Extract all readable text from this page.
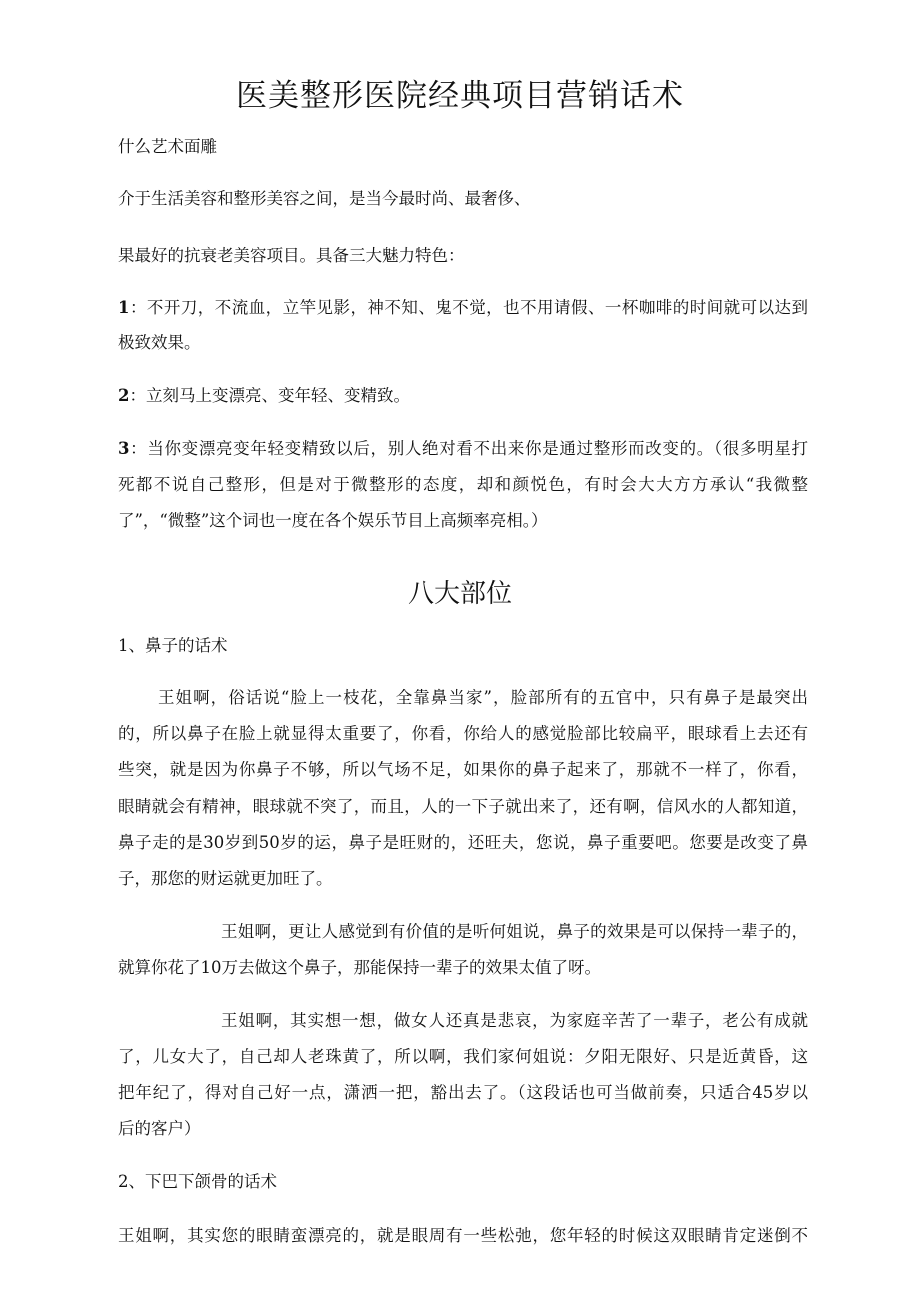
医美整形医院经典项目营销话术
什么艺术面雕
介于生活美容和整形美容之间，是当今最时尚、最奢侈、
果最好的抗衰老美容项目。具备三大魅力特色：
1：不开刀，不流血，立竿见影，神不知、鬼不觉，也不用请假、一杯咖啡的时间就可以达到
极致效果。
2：立刻马上变漂亮、变年轻、变精致。
3：当你变漂亮变年轻变精致以后，别人绝对看不出来你是通过整形而改变的。（很多明星打
死都不说自己整形，但是对于微整形的态度，却和颜悦色，有时会大大方方承认“我微整
了”，“微整”这个词也一度在各个娱乐节目上高频率亮相。）
八大部位
1、鼻子的话术
王姐啊，俗话说“脸上一枝花，全靠鼻当家”，脸部所有的五官中，只有鼻子是最突出
的，所以鼻子在脸上就显得太重要了，你看，你给人的感觉脸部比较扁平，眼球看上去还有
些突，就是因为你鼻子不够，所以气场不足，如果你的鼻子起来了，那就不一样了，你看，
眼睛就会有精神，眼球就不突了，而且，人的一下子就出来了，还有啊，信风水的人都知道，
鼻子走的是30岁到50岁的运，鼻子是旺财的，还旺夫，您说，鼻子重要吧。您要是改变了鼻
子，那您的财运就更加旺了。
王姐啊，更让人感觉到有价值的是听何姐说，鼻子的效果是可以保持一辈子的，
就算你花了10万去做这个鼻子，那能保持一辈子的效果太值了呀。
王姐啊，其实想一想，做女人还真是悲哀，为家庭辛苦了一辈子，老公有成就
了，儿女大了，自己却人老珠黄了，所以啊，我们家何姐说：夕阳无限好、只是近黄昏，这
把年纪了，得对自己好一点，潇洒一把，豁出去了。（这段话也可当做前奏，只适合45岁以
后的客户）
2、下巴下颌骨的话术
王姐啊，其实您的眼睛蛮漂亮的，就是眼周有一些松弛，您年轻的时候这双眼睛肯定迷倒不
